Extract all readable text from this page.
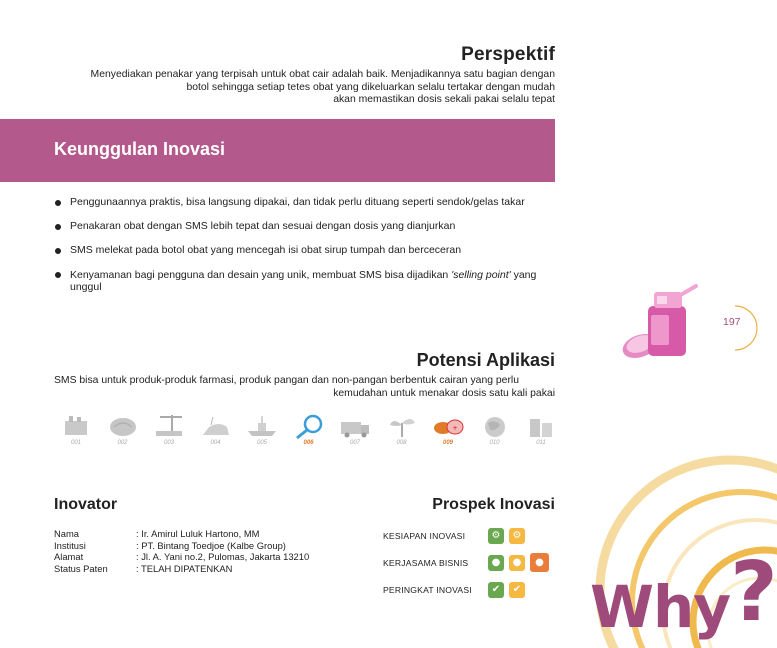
Perspektif
Menyediakan penakar yang terpisah untuk obat cair adalah baik. Menjadikannya satu bagian dengan
botol sehingga setiap tetes obat yang dikeluarkan selalu tertakar dengan mudah
akan memastikan dosis sekali pakai selalu tepat
Keunggulan Inovasi
Penggunaannya praktis, bisa langsung dipakai, dan tidak perlu dituang seperti sendok/gelas takar
Penakaran obat dengan SMS lebih tepat dan sesuai dengan dosis yang dianjurkan
SMS melekat pada botol obat yang mencegah isi obat sirup tumpah dan berceceran
Kenyamanan bagi pengguna dan desain yang unik, membuat SMS bisa dijadikan 'selling point' yang unggul
197
Potensi Aplikasi
SMS bisa untuk produk-produk farmasi, produk pangan dan non-pangan berbentuk cairan yang perlu
kemudahan untuk menakar dosis satu kali pakai
001	002	003	004	005	006	007	008
+
009	010	011
Inovator
Nama	: Ir. Amirul Luluk Hartono, MM
Institusi	: PT. Bintang Toedjoe (Kalbe Group)
Alamat	: Jl. A. Yani no.2, Pulomas, Jakarta 13210
Status Paten	: TELAH DIPATENKAN
Prospek Inovasi
KESIAPAN INOVASI	⚙	⚙
KERJASAMA BISNIS	●	●	●
PERINGKAT INOVASI	✔	✔ Why?
